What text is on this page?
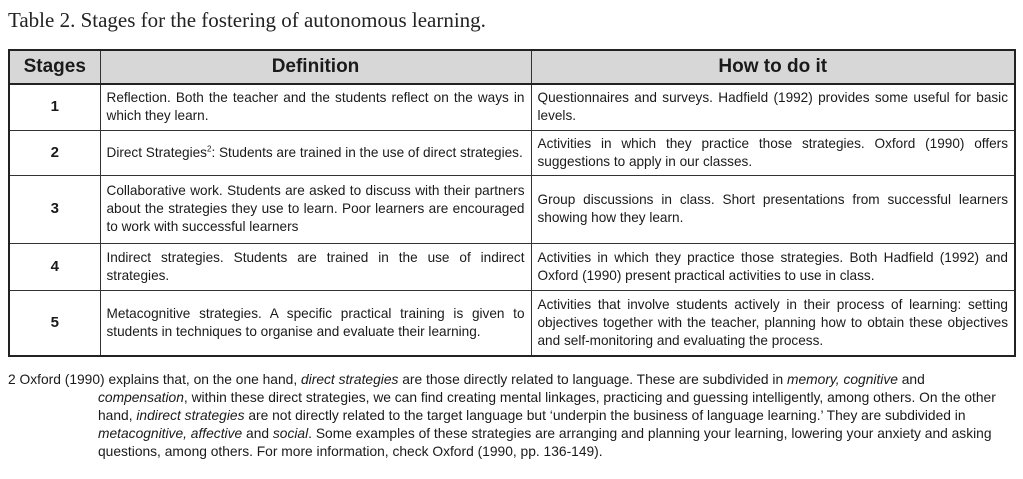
Table 2. Stages for the fostering of autonomous learning.
Stages	Definition	How to do it
1	Reflection. Both the teacher and the students reflect on the ways in which they learn.	Questionnaires and surveys. Hadfield (1992) provides some useful for basic levels.
2	Direct Strategies$^2$: Students are trained in the use of direct strategies.	Activities in which they practice those strategies. Oxford (1990) offers suggestions to apply in our classes.
3	Collaborative work. Students are asked to discuss with their partners about the strategies they use to learn. Poor learners are encouraged to work with successful learners	Group discussions in class. Short presentations from successful learners showing how they learn.
4	Indirect strategies. Students are trained in the use of indirect strategies.	Activities in which they practice those strategies. Both Hadfield (1992) and Oxford (1990) present practical activities to use in class.
5	Metacognitive strategies. A specific practical training is given to students in techniques to organise and evaluate their learning.	Activities that involve students actively in their process of learning: setting objectives together with the teacher, planning how to obtain these objectives and self-monitoring and evaluating the process.

2 Oxford (1990) explains that, on the one hand, direct strategies are those directly related to language. These are subdivided in memory, cognitive and compensation, within these direct strategies, we can find creating mental linkages, practicing and guessing intelligently, among others. On the other hand, indirect strategies are not directly related to the target language but ‘underpin the business of language learning.’ They are subdivided in metacognitive, affective and social. Some examples of these strategies are arranging and planning your learning, lowering your anxiety and asking questions, among others. For more information, check Oxford (1990, pp. 136-149).
